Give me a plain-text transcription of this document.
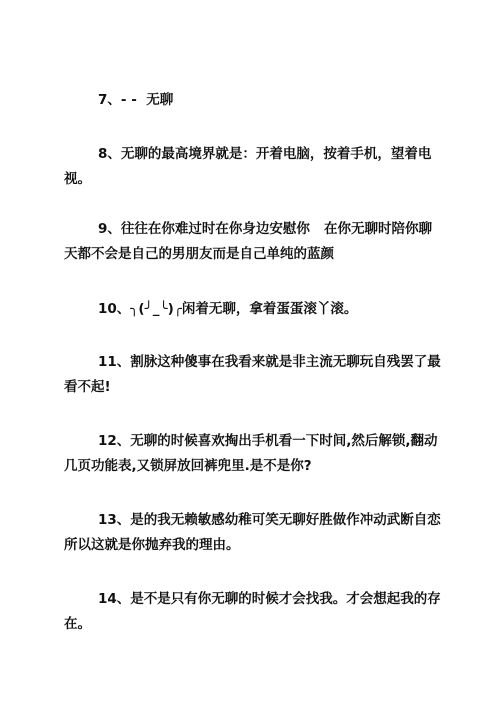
7、- -  无聊

8、无聊的最高境界就是：开着电脑，按着手机，望着电视。

9、往往在你难过时在你身边安慰你   在你无聊时陪你聊天都不会是自己的男朋友而是自己单纯的蓝颜

10、╮(╯_╰)╭闲着无聊，拿着蛋蛋滚丫滚。

11、割脉这种傻事在我看来就是非主流无聊玩自残罢了最看不起!

12、无聊的时候喜欢掏出手机看一下时间,然后解锁,翻动几页功能表,又锁屏放回裤兜里.是不是你?

13、是的我无赖敏感幼稚可笑无聊好胜做作冲动武断自恋所以这就是你抛弃我的理由。

14、是不是只有你无聊的时候才会找我。才会想起我的存在。
